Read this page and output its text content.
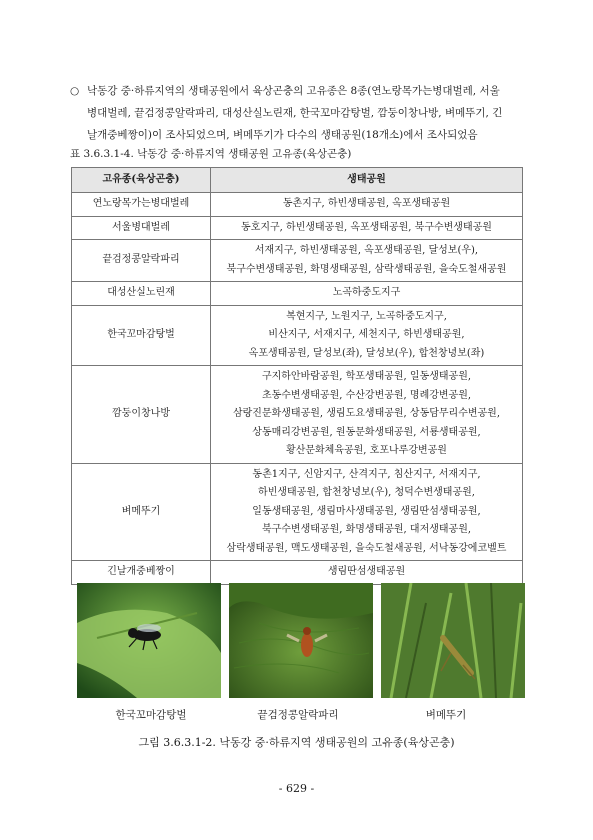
○ 낙동강 중·하류지역의 생태공원에서 육상곤충의 고유종은 8종(연노랑목가는병대벌레, 서울
병대벌레, 끝검정콩알락파리, 대성산실노린재, 한국꼬마감탕벌, 깜둥이창나방, 벼메뚜기, 긴
날개중베짱이)이 조사되었으며, 벼메뚜기가 다수의 생태공원(18개소)에서 조사되었음
표 3.6.3.1-4. 낙동강 중·하류지역 생태공원 고유종(육상곤충)
고유종(육상곤충)	생태공원
연노랑목가는병대벌레	동촌지구, 하빈생태공원, 옥포생태공원

서울병대벌레	동호지구, 하빈생태공원, 옥포생태공원, 북구수변생태공원

끝검정콩알락파리	서재지구, 하빈생태공원, 옥포생태공원, 달성보(우),
북구수변생태공원, 화명생태공원, 삼락생태공원, 을숙도철새공원

대성산실노린재	노곡하중도지구

한국꼬마감탕벌	복현지구, 노원지구, 노곡하중도지구,
비산지구, 서재지구, 세천지구, 하빈생태공원,
옥포생태공원, 달성보(좌), 달성보(우), 합천창녕보(좌)

깜둥이창나방	구지하안바람공원, 학포생태공원, 일동생태공원,
초동수변생태공원, 수산강변공원, 명례강변공원,
삼랑진문화생태공원, 생림도요생태공원, 상동담무리수변공원,
상동매리강변공원, 원동문화생태공원, 서룡생태공원,
황산문화체육공원, 호포나루강변공원

벼메뚜기	동촌1지구, 신암지구, 산격지구, 침산지구, 서재지구,
하빈생태공원, 합천창녕보(우), 청덕수변생태공원,
일동생태공원, 생림마사생태공원, 생림딴섬생태공원,
북구수변생태공원, 화명생태공원, 대저생태공원,
삼락생태공원, 맥도생태공원, 을숙도철새공원, 서낙동강에코벨트

긴날개중베짱이	생림딴섬생태공원
한국꼬마감탕벌	끝검정콩알락파리	벼메뚜기
그림 3.6.3.1-2. 낙동강 중·하류지역 생태공원의 고유종(육상곤충)
- 629 -
